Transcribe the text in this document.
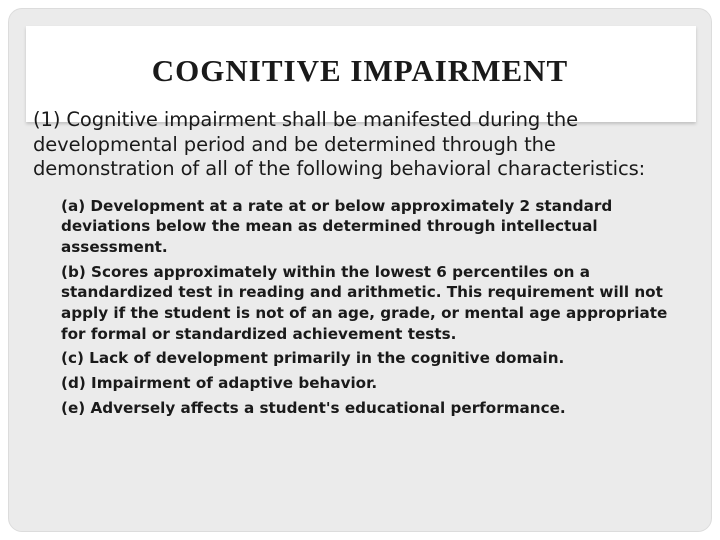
COGNITIVE IMPAIRMENT

(1) Cognitive impairment shall be manifested during the developmental period and be determined through the demonstration of all of the following behavioral characteristics:

(a) Development at a rate at or below approximately 2 standard deviations below the mean as determined through intellectual assessment.
(b) Scores approximately within the lowest 6 percentiles on a standardized test in reading and arithmetic. This requirement will not apply if the student is not of an age, grade, or mental age appropriate for formal or standardized achievement tests.
(c) Lack of development primarily in the cognitive domain.
(d) Impairment of adaptive behavior.
(e) Adversely affects a student's educational performance.
